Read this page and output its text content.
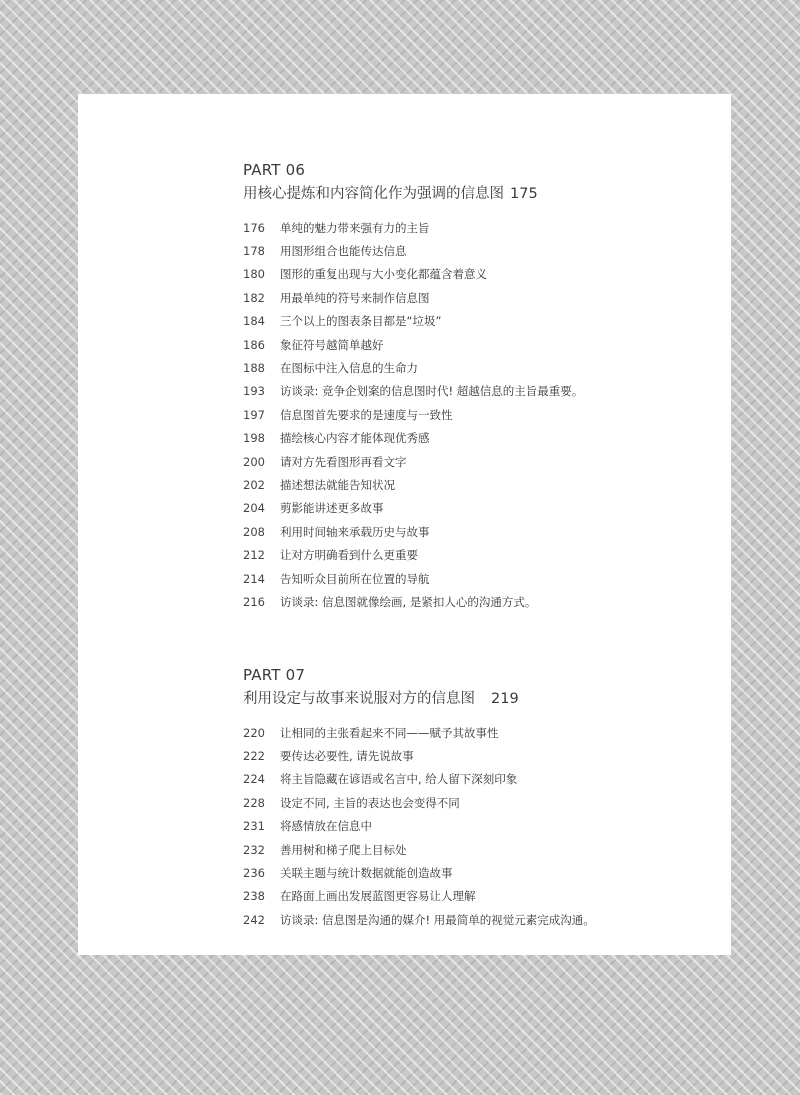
PART 06
用核心提炼和内容简化作为强调的信息图 175
176	单纯的魅力带来强有力的主旨
178	用图形组合也能传达信息
180	图形的重复出现与大小变化都蕴含着意义
182	用最单纯的符号来制作信息图
184	三个以上的图表条目都是“垃圾”
186	象征符号越简单越好
188	在图标中注入信息的生命力
193	访谈录: 竞争企划案的信息图时代! 超越信息的主旨最重要。
197	信息图首先要求的是速度与一致性
198	描绘核心内容才能体现优秀感
200	请对方先看图形再看文字
202	描述想法就能告知状况
204	剪影能讲述更多故事
208	利用时间轴来承载历史与故事
212	让对方明确看到什么更重要
214	告知听众目前所在位置的导航
216	访谈录: 信息图就像绘画, 是紧扣人心的沟通方式。
PART 07
利用设定与故事来说服对方的信息图 219
220	让相同的主张看起来不同——赋予其故事性
222	要传达必要性, 请先说故事
224	将主旨隐藏在谚语或名言中, 给人留下深刻印象
228	设定不同, 主旨的表达也会变得不同
231	将感情放在信息中
232	善用树和梯子爬上目标处
236	关联主题与统计数据就能创造故事
238	在路面上画出发展蓝图更容易让人理解
242	访谈录: 信息图是沟通的媒介! 用最简单的视觉元素完成沟通。
